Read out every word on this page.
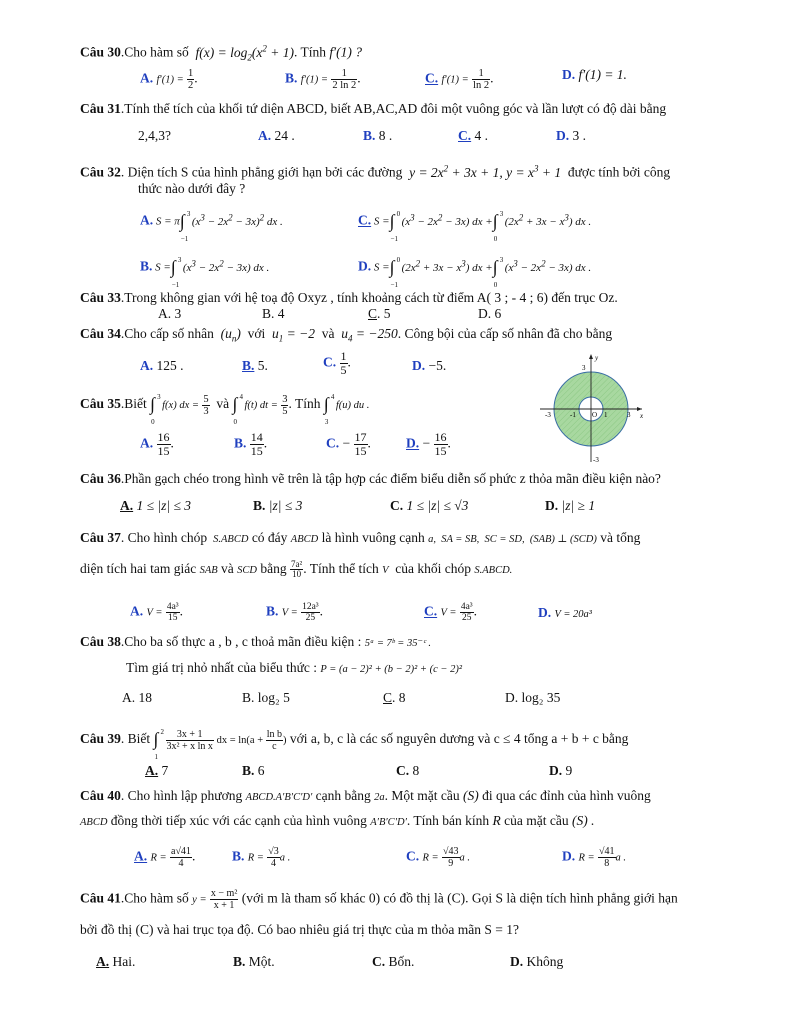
Câu 30.Cho hàm số  $f(x) = \log_2(x^2 + 1)$. Tính f′(1) ?
A. $f'(1) = \frac{1}{2}$ .	B. $f'(1) = \frac{1}{2 \ln 2}$ .	C. $f'(1) = \frac{1}{\ln 2}$ .	D. f′(1) = 1.
Câu 31.Tính thể tích của khối tứ diện ABCD, biết AB,AC,AD đôi một vuông góc và lần lượt có độ dài bằng
2,4,3?	A. 24 .	B. 8 .	C. 4 .	D. 3 .
Câu 32. Diện tích S của hình phẳng giới hạn bởi các đường  $y = 2x^2 + 3x + 1$, $y = x^3 + 1$ được tính bởi công
thức nào dưới đây ?
A. S = π
3
∫
−1
$(x^3 - 2x^2 - 3x)^2$ dx .	C. S =
0
∫
−1
$(x^3 - 2x^2 - 3x)$ dx +
3
∫
0
$(2x^2 + 3x - x^3)$ dx .
B. S =
3
∫
−1
$(x^3 - 2x^2 - 3x)$ dx .	D. S =
0
∫
−1
$(2x^2 + 3x - x^3)$ dx +
3
∫
0
$(x^3 - 2x^2 - 3x)$ dx .
Câu 33.Trong không gian với hệ toạ độ Oxyz , tính khoảng cách từ điểm A( 3 ; - 4 ; 6) đến trục Oz.
A. 3	B. 4	C. 5	D. 6
Câu 34.Cho cấp số nhân  $(u_n)$  với  $u_1 = -2$  và  $u_4 = -250$. Công bội của cấp số nhân đã cho bằng
A. 125 .	B. 5.	C. $\frac{1}{5}$ .	D. −5.
Câu 35.Biết 3
∫
0
f(x) dx = $\frac{5}{3}$ và 4
∫
0
f(t) dt = $\frac{3}{5}$ . Tính 4
∫
3
f(u) du .
A. $\frac{16}{15}$ .	B. $\frac{14}{15}$ .	C. − $\frac{17}{15}$ .	D. − $\frac{16}{15}$ .
y
x
3
-3
-3	-1 O 1	3
Câu 36.Phần gạch chéo trong hình vẽ trên là tập hợp các điểm biểu diễn số phức z thỏa mãn điều kiện nào?
A. 1 ≤ |z| ≤ 3	B. |z| ≤ 3	C. 1 ≤ |z| ≤ √3	D. |z| ≥ 1
Câu 37. Cho hình chóp  S.ABCD có đáy ABCD là hình vuông cạnh a,  SA = SB,  SC = SD,  (SAB) ⊥ (SCD) và tổng
diện tích hai tam giác SAB và SCD bằng $\frac{\text{7a²}}{10}$ . Tính thể tích V  của khối chóp S.ABCD.
A. $V = \frac{\text{4a³}}{15}$ .	B. $V = \frac{\text{12a³}}{25}$ .	C. $V = \frac{\text{4a³}}{25}$ .	D. V = 20a³
Câu 38.Cho ba số thực a , b , c thoả mãn điều kiện : 5ᵃ = 7ᵇ = 35⁻ᶜ .
Tìm giá trị nhỏ nhất của biểu thức : P = (a − 2)² + (b − 2)² + (c − 2)²
A. 18	B. log₂ 5	C. 8	D. log₂ 35
Câu 39. Biết 2
∫
1
$\frac{3x + 1}{\text{3x² + x ln x}}$ dx = $\ln(a + \frac{\text{ln b}}{c}$ ) với a, b, c là các số nguyên dương và c ≤ 4 tổng a + b + c bằng
A. 7	B. 6	C. 8	D. 9
Câu 40. Cho hình lập phương ABCD.A′B′C′D′ cạnh bằng 2a. Một mặt cầu (S) đi qua các đỉnh của hình vuông
ABCD đồng thời tiếp xúc với các cạnh của hình vuông A′B′C′D′. Tính bán kính R của mặt cầu (S) .
A. $R = \frac{a√41}{4}$ .	B. $R = \frac{√3}{4}$ a .	C. $R = \frac{√43}{9}$ a .	D. $R = \frac{√41}{8}$ a .
Câu 41.Cho hàm số $y = \frac{\text{x − m²}}{x + 1}$ (với m là tham số khác 0) có đồ thị là (C). Gọi S là diện tích hình phẳng giới hạn
bởi đồ thị (C) và hai trục tọa độ. Có bao nhiêu giá trị thực của m thỏa mãn S = 1?
A. Hai.	B. Một.	C. Bốn.	D. Không
